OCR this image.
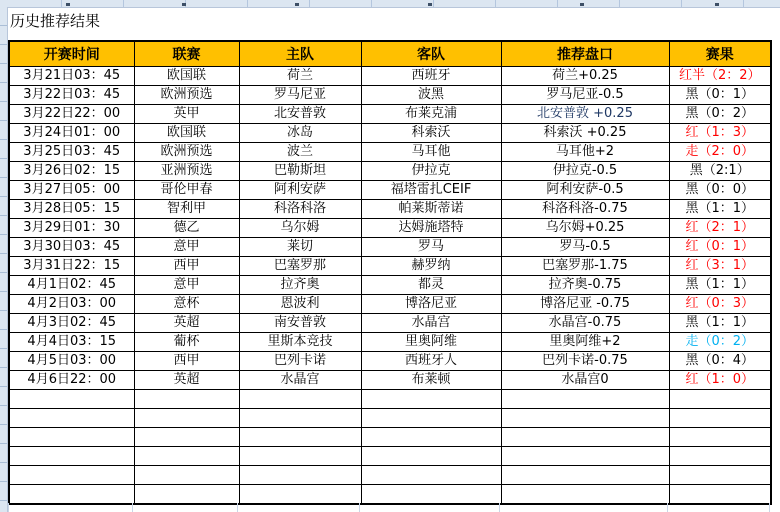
历史推荐结果
开赛时间	联赛	主队	客队	推荐盘口	赛果
3月21日03：45	欧国联	荷兰	西班牙	荷兰+0.25	红半（2：2）
3月22日03：45	欧洲预选	罗马尼亚	波黑	罗马尼亚-0.5	黑（0：1）
3月22日22：00	英甲	北安普敦	布莱克浦	北安普敦 +0.25	黑（0：2）
3月24日01：00	欧国联	冰岛	科索沃	科索沃 +0.25	红（1：3）
3月25日03：45	欧洲预选	波兰	马耳他	马耳他+2	走（2：0）
3月26日02：15	亚洲预选	巴勒斯坦	伊拉克	伊拉克-0.5	黑（2:1）
3月27日05：00	哥伦甲春	阿利安萨	福塔雷扎CEIF	阿利安萨-0.5	黑（0：0）
3月28日05：15	智利甲	科洛科洛	帕莱斯蒂诺	科洛科洛-0.75	黑（1：1）
3月29日01：30	德乙	乌尔姆	达姆施塔特	乌尔姆+0.25	红（2：1）
3月30日03：45	意甲	莱切	罗马	罗马-0.5	红（0：1）
3月31日22：15	西甲	巴塞罗那	赫罗纳	巴塞罗那-1.75	红（3：1）
4月1日02：45	意甲	拉齐奥	都灵	拉齐奥-0.75	黑（1：1）
4月2日03：00	意杯	恩波利	博洛尼亚	博洛尼亚 -0.75	红（0：3）
4月3日02：45	英超	南安普敦	水晶宫	水晶宫-0.75	黑（1：1）
4月4日03：15	葡杯	里斯本竞技	里奥阿维	里奥阿维+2	走（0：2）
4月5日03：00	西甲	巴列卡诺	西班牙人	巴列卡诺-0.75	黑（0：4）
4月6日22：00	英超	水晶宫	布莱顿	水晶宫0	红（1：0）
